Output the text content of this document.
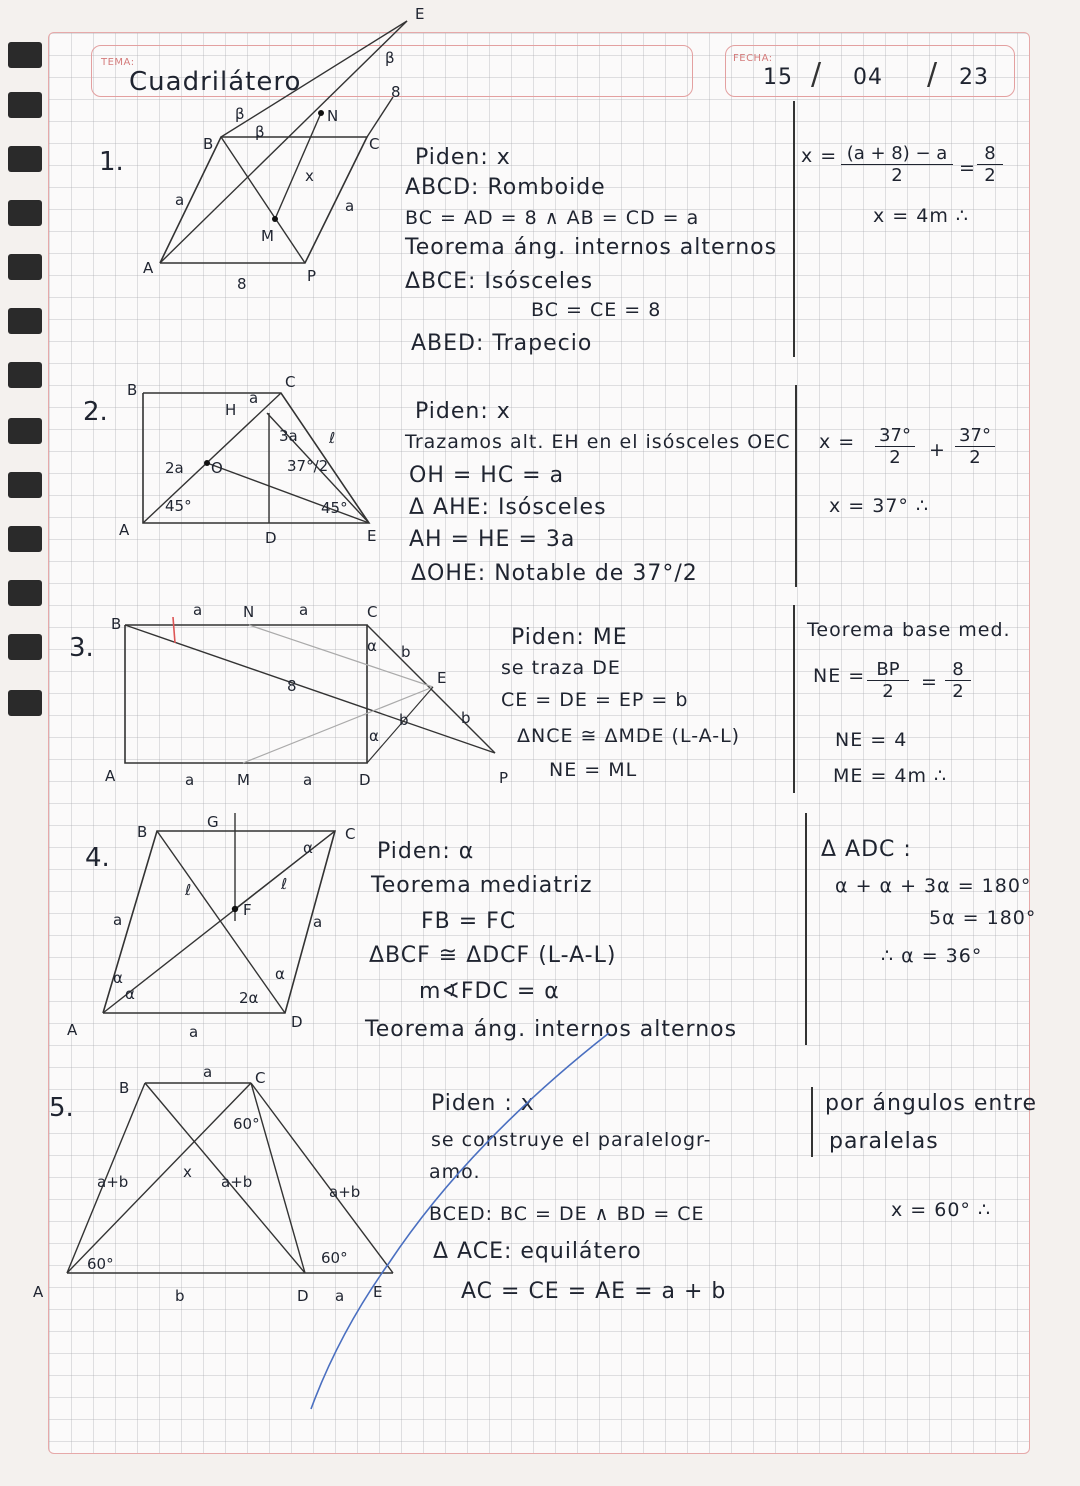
TEMA:
Cuadrilátero
FECHA:
15 / 04 / 23
1.
B
β
β
N
C
E
β
8
a
x
a
M
A
8	P
Piden: x
ABCD: Romboide
BC = AD = 8 ∧ AB = CD = a
Teorema áng. internos alternos
ΔBCE: Isósceles
BC = CE = 8
ABED: Trapecio
$x = \frac{(a + 8) - a}{2} = \frac{8}{2}$
x = 4m ∴
2.
B	C
H
a
O
2a
45°
3a ℓ
37°/2
45°
A	D	E
Piden: x
Trazamos alt. EH en el isósceles OEC
OH = HC = a
Δ AHE: Isósceles
AH = HE = 3a
ΔOHE: Notable de 37°/2
$x = \frac{37^\circ}{2} + \frac{37^\circ}{2}$
x = 37° ∴
3.
B
a	N	a	C
α b
E
8
b	b
α
A	a	M	a	D	P
Piden: ME
se traza DE
CE = DE = EP = b
ΔNCE ≅ ΔMDE (L-A-L)
NE = ML
Teorema base med.
NE = $\frac{BP}{2} = \frac{8}{2}$
NE = 4
ME = 4m ∴
4.
G
B	C
α
F
ℓ	ℓ
a	a
α
α	2α
α
A	a
D
Piden: α
Teorema mediatriz
FB = FC
ΔBCF ≅ ΔDCF (L-A-L)
m∢FDC = α
Teorema áng. internos alternos
Δ ADC :
α + α + 3α = 180°
5α = 180°
∴ α = 36°
5.
a
B
C
60°
x
a+b	a+b
a+b
60°	60°
A	b	D a E
Piden : x
se construye el paralelogr-
amo.
BCED: BC = DE ∧ BD = CE
Δ ACE: equilátero
AC = CE = AE = a + b
por ángulos entre
paralelas
x = 60° ∴
